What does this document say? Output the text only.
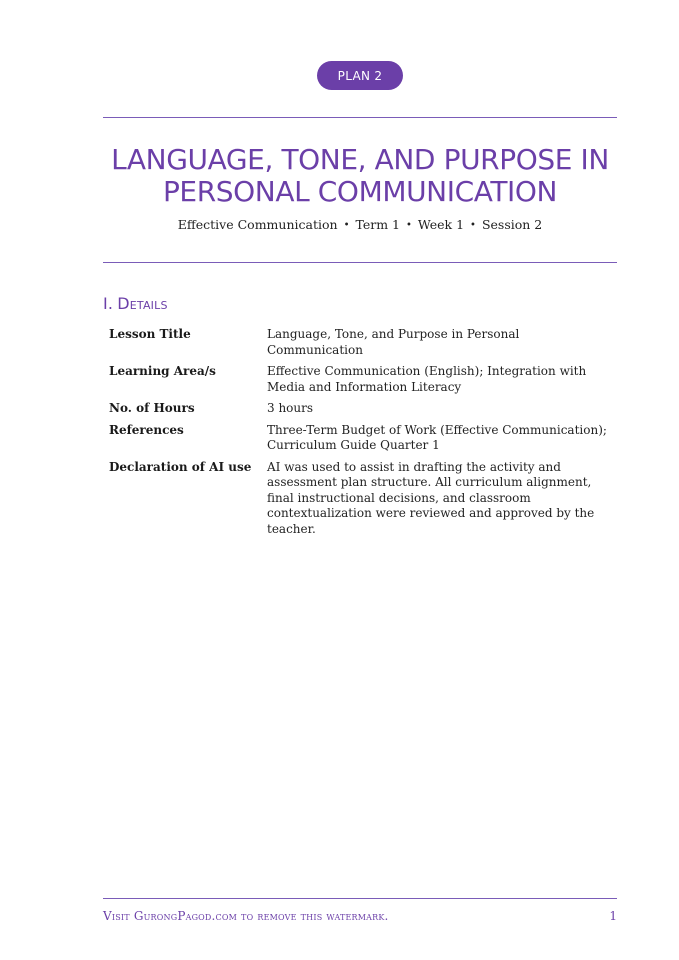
PLAN 2
LANGUAGE, TONE, AND PURPOSE IN
PERSONAL COMMUNICATION
Effective Communication • Term 1 • Week 1 • Session 2
I. Details
Lesson Title	Language, Tone, and Purpose in Personal Communication
Learning Area/s	Effective Communication (English); Integration with Media and Information Literacy
No. of Hours	3 hours
References	Three-Term Budget of Work (Effective Communication); Curriculum Guide Quarter 1
Declaration of AI use	AI was used to assist in drafting the activity and assessment plan structure. All curriculum alignment, final instructional decisions, and classroom contextualization were reviewed and approved by the teacher.
Visit GurongPagod.com to remove this watermark.	1
